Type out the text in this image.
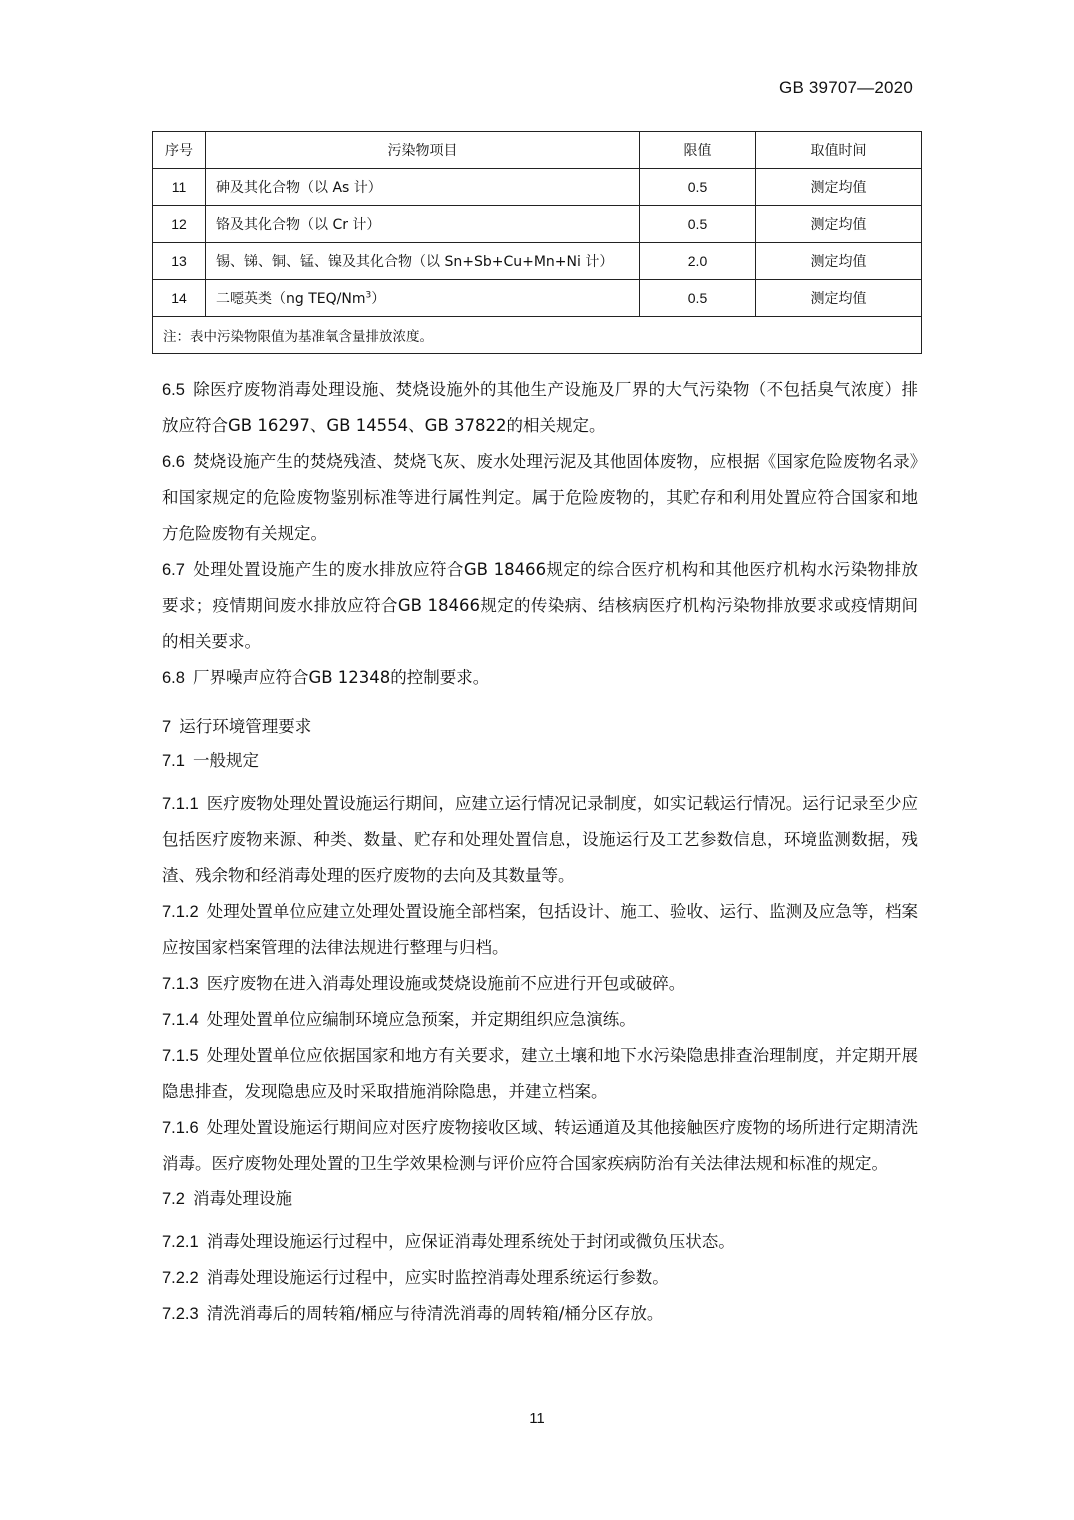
GB 39707—2020
序号	污染物项目	限值	取值时间
11	砷及其化合物（以 As 计）	0.5	测定均值
12	铬及其化合物（以 Cr 计）	0.5	测定均值
13	锡、锑、铜、锰、镍及其化合物（以 Sn+Sb+Cu+Mn+Ni 计）	2.0	测定均值
14	二噁英类（ng TEQ/Nm$^3$）	0.5	测定均值
注：表中污染物限值为基准氧含量排放浓度。			

6.5 除医疗废物消毒处理设施、焚烧设施外的其他生产设施及厂界的大气污染物（不包括臭气浓度）排放应符合GB 16297、GB 14554、GB 37822的相关规定。

6.6 焚烧设施产生的焚烧残渣、焚烧飞灰、废水处理污泥及其他固体废物，应根据《国家危险废物名录》和国家规定的危险废物鉴别标准等进行属性判定。属于危险废物的，其贮存和利用处置应符合国家和地方危险废物有关规定。

6.7 处理处置设施产生的废水排放应符合GB 18466规定的综合医疗机构和其他医疗机构水污染物排放要求；疫情期间废水排放应符合GB 18466规定的传染病、结核病医疗机构污染物排放要求或疫情期间的相关要求。

6.8 厂界噪声应符合GB 12348的控制要求。

7 运行环境管理要求

7.1 一般规定

7.1.1 医疗废物处理处置设施运行期间，应建立运行情况记录制度，如实记载运行情况。运行记录至少应包括医疗废物来源、种类、数量、贮存和处理处置信息，设施运行及工艺参数信息，环境监测数据，残渣、残余物和经消毒处理的医疗废物的去向及其数量等。

7.1.2 处理处置单位应建立处理处置设施全部档案，包括设计、施工、验收、运行、监测及应急等，档案应按国家档案管理的法律法规进行整理与归档。

7.1.3 医疗废物在进入消毒处理设施或焚烧设施前不应进行开包或破碎。

7.1.4 处理处置单位应编制环境应急预案，并定期组织应急演练。

7.1.5 处理处置单位应依据国家和地方有关要求，建立土壤和地下水污染隐患排查治理制度，并定期开展隐患排查，发现隐患应及时采取措施消除隐患，并建立档案。

7.1.6 处理处置设施运行期间应对医疗废物接收区域、转运通道及其他接触医疗废物的场所进行定期清洗消毒。医疗废物处理处置的卫生学效果检测与评价应符合国家疾病防治有关法律法规和标准的规定。

7.2 消毒处理设施

7.2.1 消毒处理设施运行过程中，应保证消毒处理系统处于封闭或微负压状态。

7.2.2 消毒处理设施运行过程中，应实时监控消毒处理系统运行参数。

7.2.3 清洗消毒后的周转箱/桶应与待清洗消毒的周转箱/桶分区存放。

11
